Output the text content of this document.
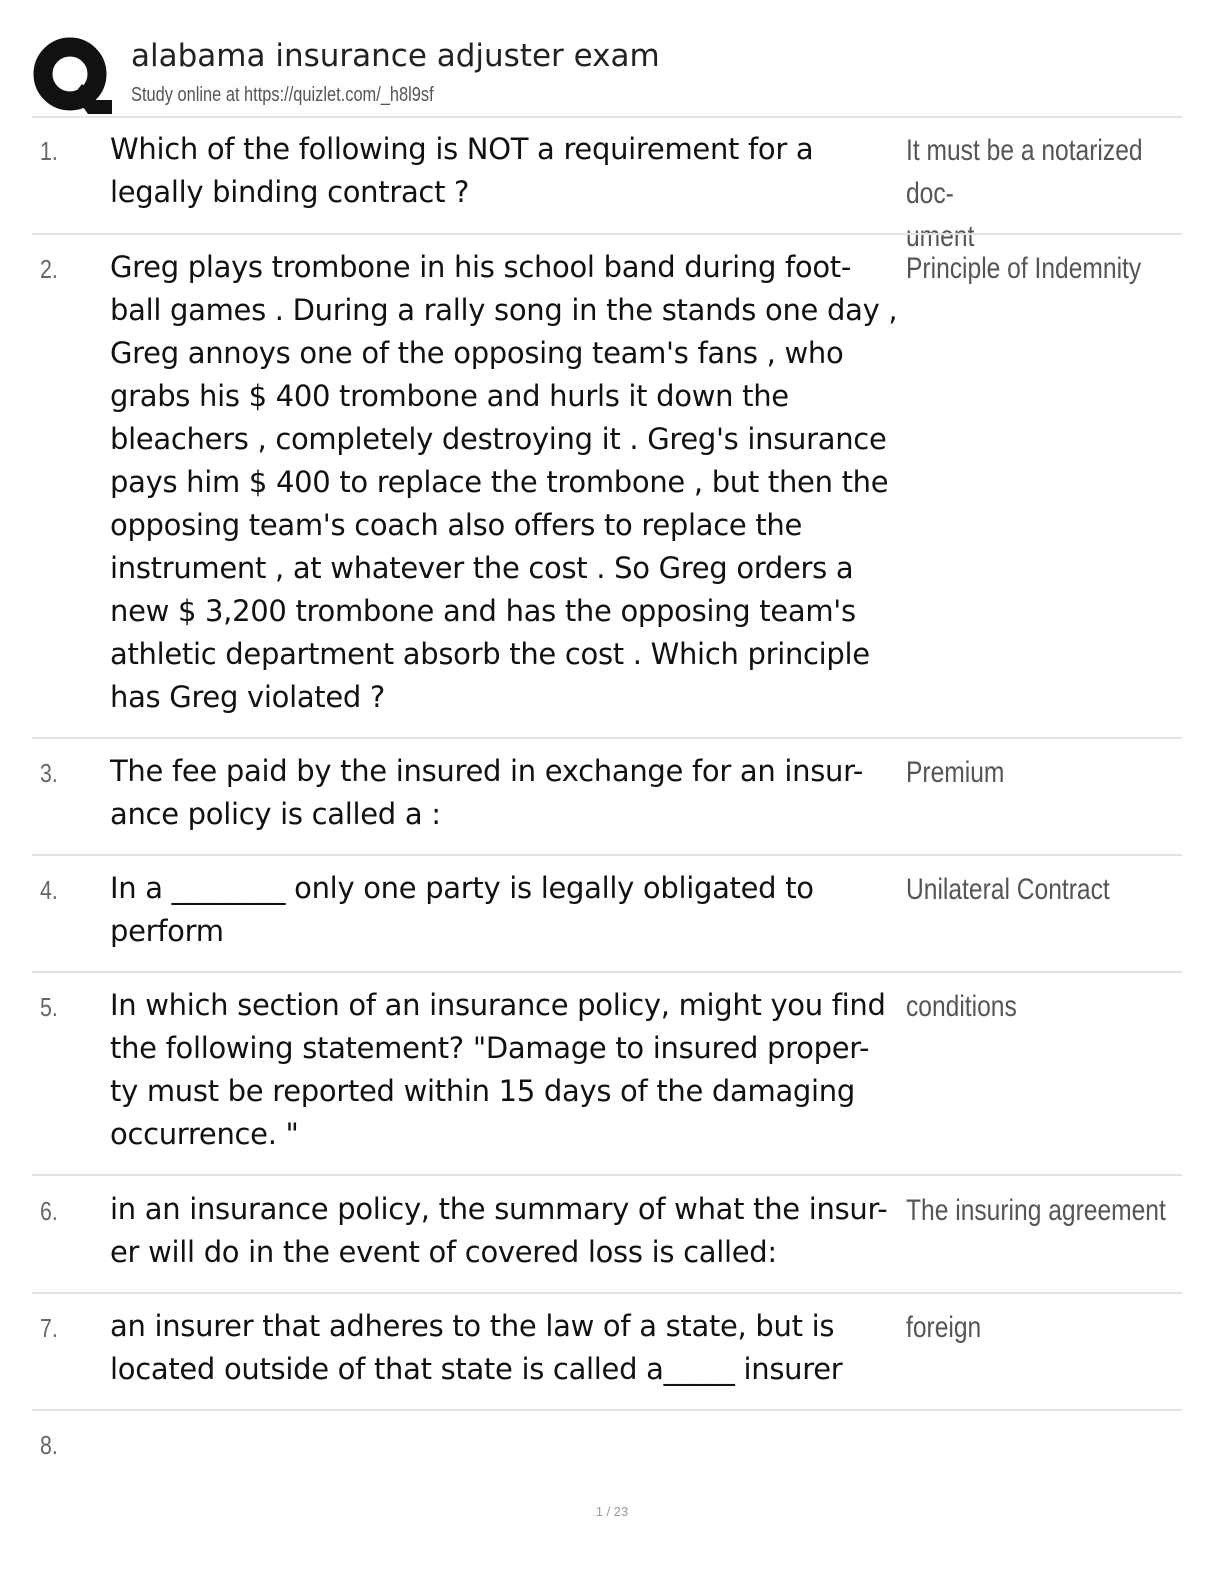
alabama insurance adjuster exam
Study online at https://quizlet.com/_h8l9sf
1. Which of the following is NOT a requirement for a legally binding contract ?
It must be a notarized doc-
ument
2. Greg plays trombone in his school band during foot-
ball games . During a rally song in the stands one day , Greg annoys one of the opposing team's fans , who grabs his $ 400 trombone and hurls it down the bleachers , completely destroying it . Greg's insurance pays him $ 400 to replace the trombone , but then the opposing team's coach also offers to replace the instrument , at whatever the cost . So Greg orders a new $ 3,200 trombone and has the opposing team's athletic department absorb the cost . Which principle has Greg violated ?
Principle of Indemnity
3. The fee paid by the insured in exchange for an insur-
ance policy is called a :
Premium
4. In a ________ only one party is legally obligated to perform
Unilateral Contract
5. In which section of an insurance policy, might you find the following statement? "Damage to insured proper-
ty must be reported within 15 days of the damaging occurrence. "
conditions
6. in an insurance policy, the summary of what the insur-
er will do in the event of covered loss is called:
The insuring agreement
7. an insurer that adheres to the law of a state, but is located outside of that state is called a_____ insurer
foreign
8.
1 / 23
